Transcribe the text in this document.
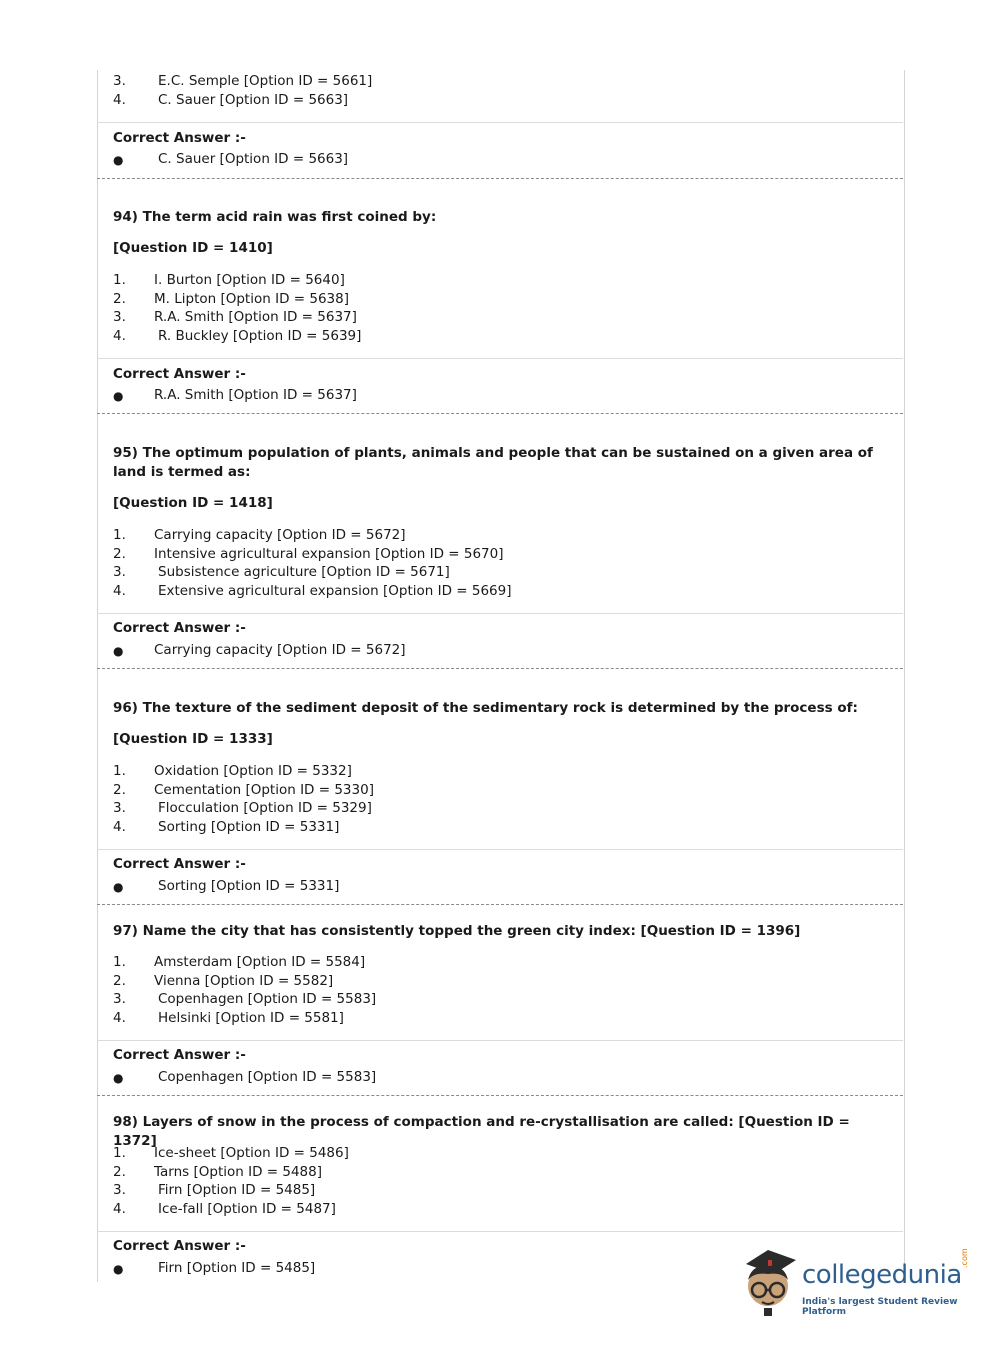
3. E.C. Semple [Option ID = 5661]
4. C. Sauer [Option ID = 5663]
Correct Answer :-
●	C. Sauer [Option ID = 5663]
94) The term acid rain was first coined by:
[Question ID = 1410]
1. I. Burton [Option ID = 5640]
2. M. Lipton [Option ID = 5638]
3. R.A. Smith [Option ID = 5637]
4. R. Buckley [Option ID = 5639]
Correct Answer :-
● R.A. Smith [Option ID = 5637]
95) The optimum population of plants, animals and people that can be sustained on a given area of land is termed as:
[Question ID = 1418]
1. Carrying capacity [Option ID = 5672]
2. Intensive agricultural expansion [Option ID = 5670]
3. Subsistence agriculture [Option ID = 5671]
4. Extensive agricultural expansion [Option ID = 5669]
Correct Answer :-
● Carrying capacity [Option ID = 5672]
96) The texture of the sediment deposit of the sedimentary rock is determined by the process of:
[Question ID = 1333]
1. Oxidation [Option ID = 5332]
2. Cementation [Option ID = 5330]
3. Flocculation [Option ID = 5329]
4. Sorting [Option ID = 5331]
Correct Answer :-
●	Sorting [Option ID = 5331]
97) Name the city that has consistently topped the green city index: [Question ID = 1396]
1. Amsterdam [Option ID = 5584]
2. Vienna [Option ID = 5582]
3. Copenhagen [Option ID = 5583]
4. Helsinki [Option ID = 5581]
Correct Answer :-
●	Copenhagen [Option ID = 5583]
98) Layers of snow in the process of compaction and re-crystallisation are called: [Question ID = 1372]
1. Ice-sheet [Option ID = 5486]
2. Tarns [Option ID = 5488]
3. Firn [Option ID = 5485]
4. Ice-fall [Option ID = 5487]
Correct Answer :-
●	Firn [Option ID = 5485]	collegedunia
.com
India's largest Student Review Platform
